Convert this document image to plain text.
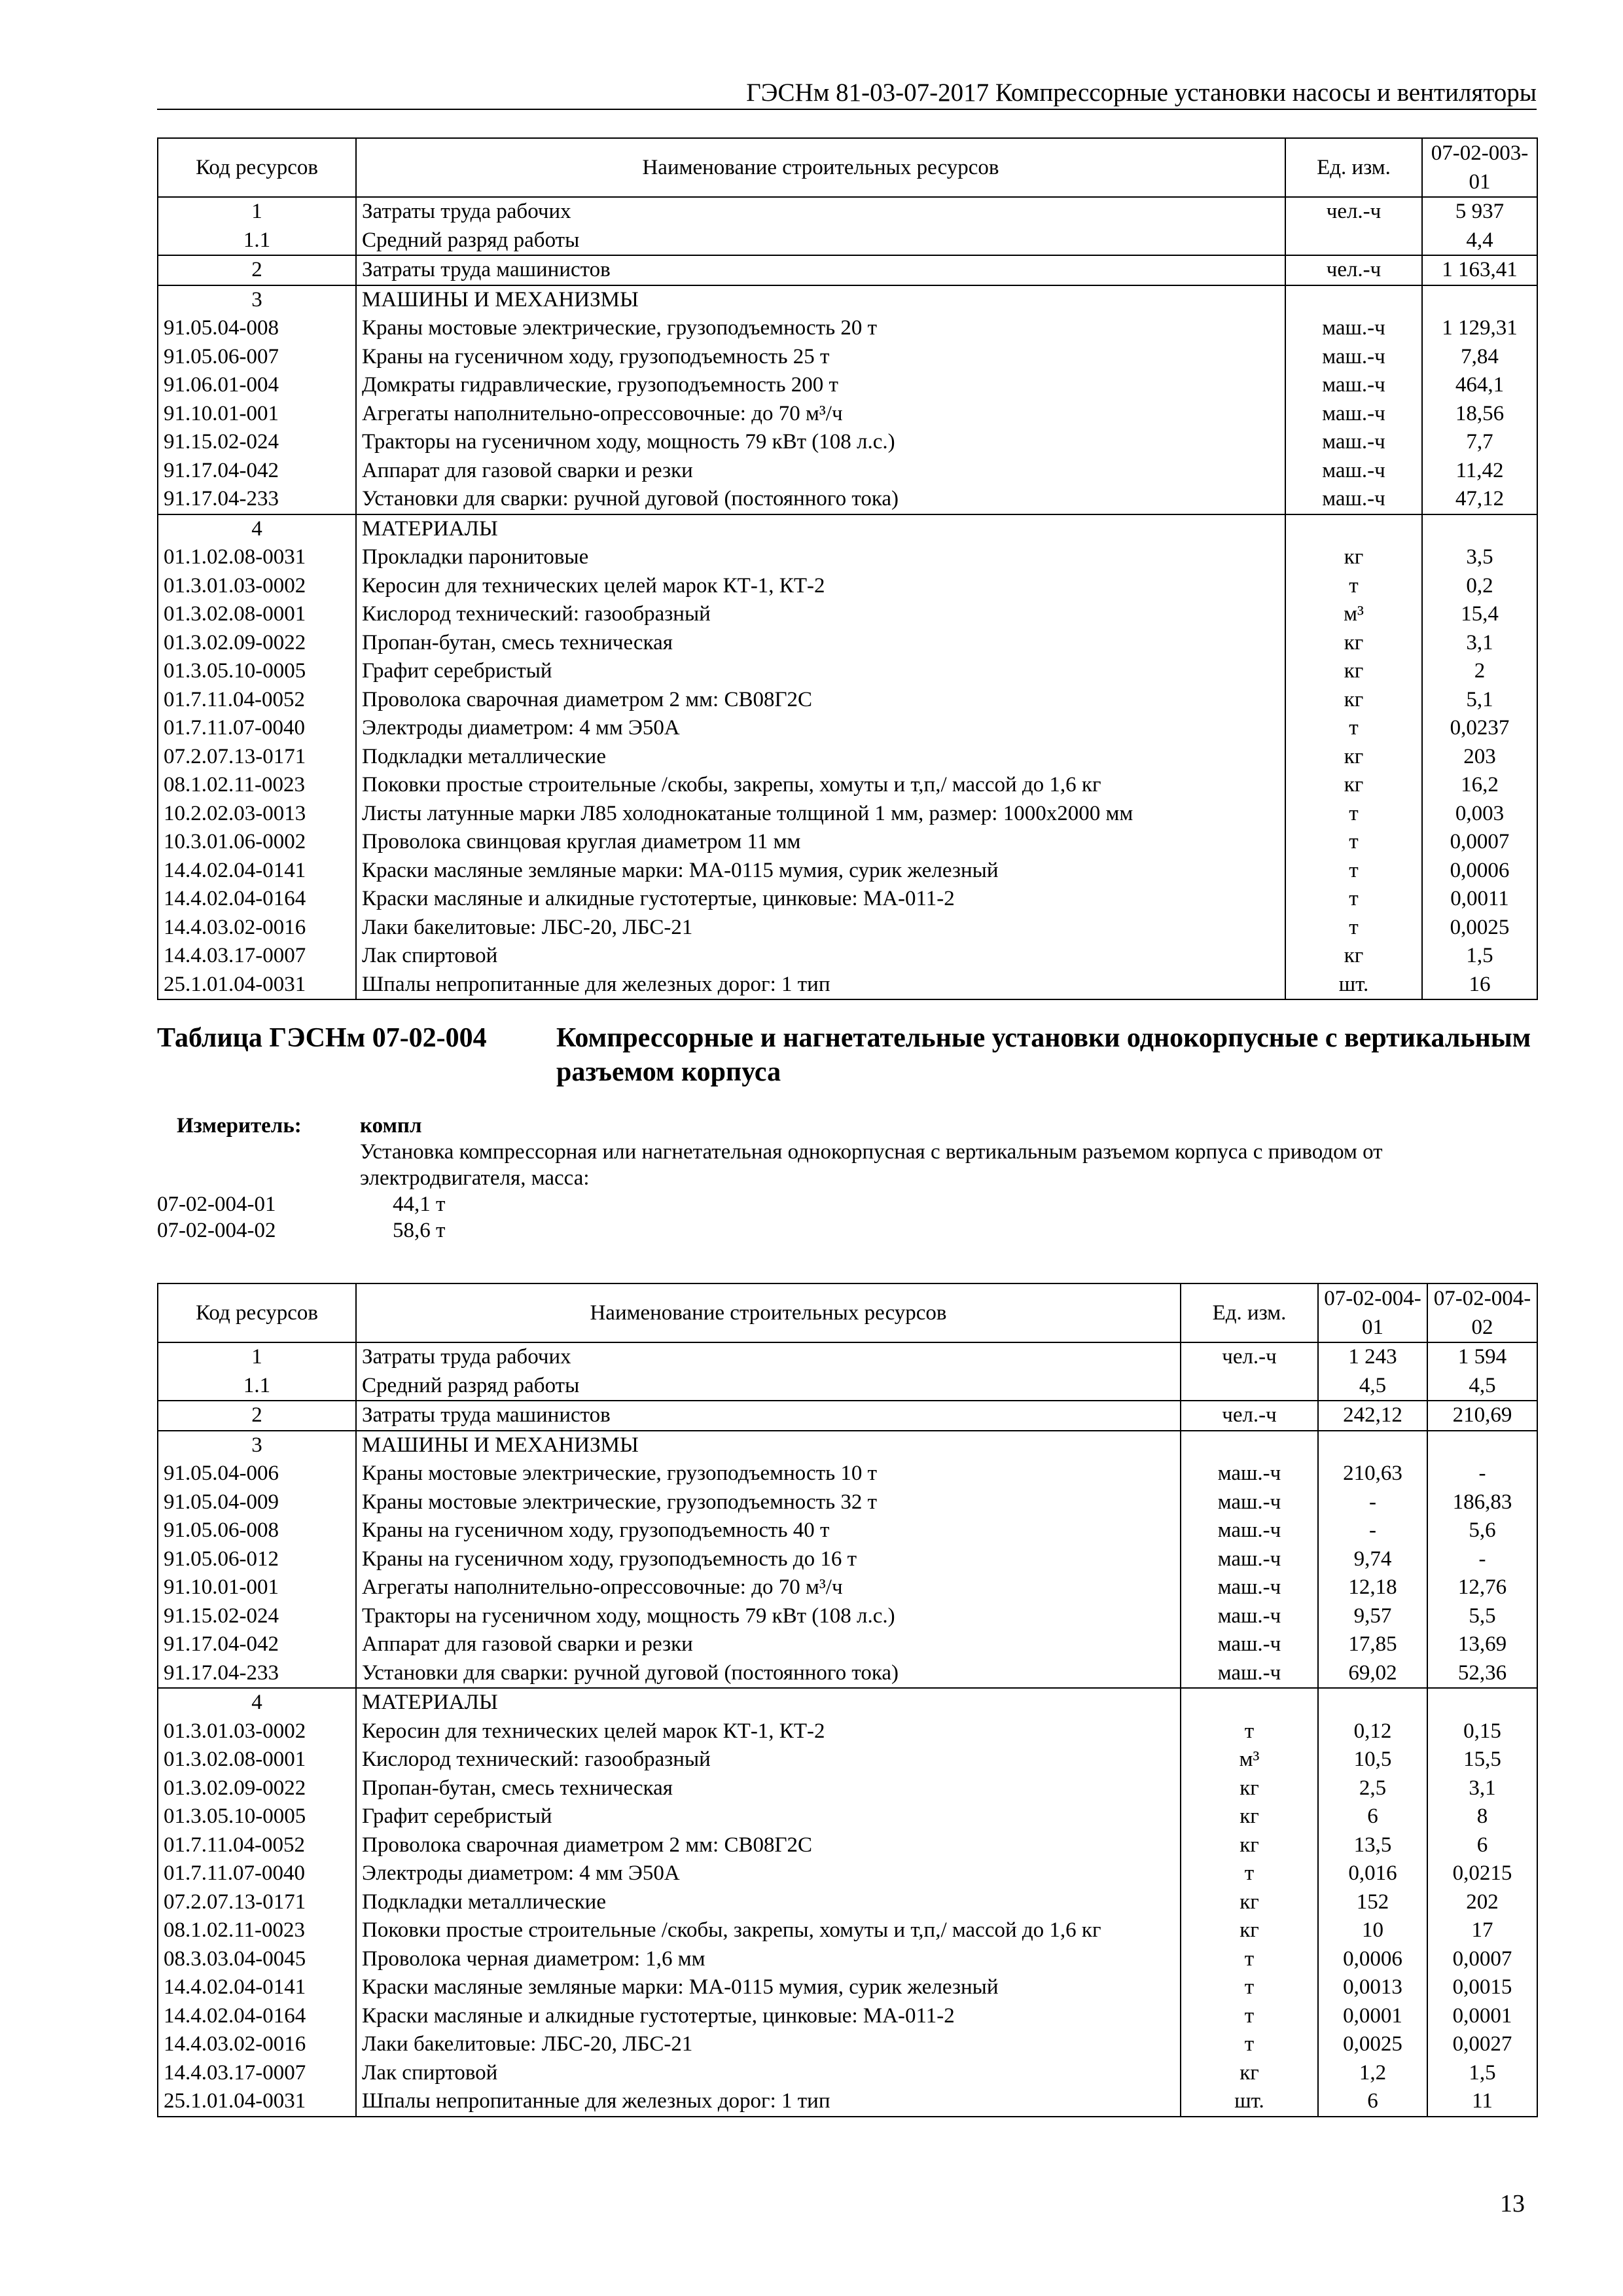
ГЭСНм 81-03-07-2017 Компрессорные установки насосы и вентиляторы
Код ресурсов	Наименование строительных ресурсов	Ед. изм.	07-02-003-01
1	Затраты труда рабочих	чел.-ч	5 937
1.1	Средний разряд работы		4,4
2	Затраты труда машинистов	чел.-ч	1 163,41
3	МАШИНЫ И МЕХАНИЗМЫ		
91.05.04-008	Краны мостовые электрические, грузоподъемность 20 т	маш.-ч	1 129,31
91.05.06-007	Краны на гусеничном ходу, грузоподъемность 25 т	маш.-ч	7,84
91.06.01-004	Домкраты гидравлические, грузоподъемность 200 т	маш.-ч	464,1
91.10.01-001	Агрегаты наполнительно-опрессовочные: до 70 м³/ч	маш.-ч	18,56
91.15.02-024	Тракторы на гусеничном ходу, мощность 79 кВт (108 л.с.)	маш.-ч	7,7
91.17.04-042	Аппарат для газовой сварки и резки	маш.-ч	11,42
91.17.04-233	Установки для сварки: ручной дуговой (постоянного тока)	маш.-ч	47,12
4	МАТЕРИАЛЫ		
01.1.02.08-0031	Прокладки паронитовые	кг	3,5
01.3.01.03-0002	Керосин для технических целей марок КТ-1, КТ-2	т	0,2
01.3.02.08-0001	Кислород технический: газообразный	м³	15,4
01.3.02.09-0022	Пропан-бутан, смесь техническая	кг	3,1
01.3.05.10-0005	Графит серебристый	кг	2
01.7.11.04-0052	Проволока сварочная диаметром 2 мм: СВ08Г2С	кг	5,1
01.7.11.07-0040	Электроды диаметром: 4 мм Э50А	т	0,0237
07.2.07.13-0171	Подкладки металлические	кг	203
08.1.02.11-0023	Поковки простые строительные /скобы, закрепы, хомуты и т,п,/ массой до 1,6 кг	кг	16,2
10.2.02.03-0013	Листы латунные марки Л85 холоднокатаные толщиной 1 мм, размер: 1000х2000 мм	т	0,003
10.3.01.06-0002	Проволока свинцовая круглая диаметром 11 мм	т	0,0007
14.4.02.04-0141	Краски масляные земляные марки: МА-0115 мумия, сурик железный	т	0,0006
14.4.02.04-0164	Краски масляные и алкидные густотертые, цинковые: МА-011-2	т	0,0011
14.4.03.02-0016	Лаки бакелитовые: ЛБС-20, ЛБС-21	т	0,0025
14.4.03.17-0007	Лак спиртовой	кг	1,5
25.1.01.04-0031	Шпалы непропитанные для железных дорог: 1 тип	шт.	16
Таблица ГЭСНм 07-02-004	Компрессорные и нагнетательные установки однокорпусные с вертикальным разъемом корпуса
Измеритель:	компл
Установка компрессорная или нагнетательная однокорпусная с вертикальным разъемом корпуса с приводом от электродвигателя, масса:
07-02-004-01	44,1 т
07-02-004-02	58,6 т
Код ресурсов	Наименование строительных ресурсов	Ед. изм.	07-02-004-01	07-02-004-02
1	Затраты труда рабочих	чел.-ч	1 243	1 594
1.1	Средний разряд работы		4,5	4,5
2	Затраты труда машинистов	чел.-ч	242,12	210,69
3	МАШИНЫ И МЕХАНИЗМЫ			
91.05.04-006	Краны мостовые электрические, грузоподъемность 10 т	маш.-ч	210,63	-
91.05.04-009	Краны мостовые электрические, грузоподъемность 32 т	маш.-ч	-	186,83
91.05.06-008	Краны на гусеничном ходу, грузоподъемность 40 т	маш.-ч	-	5,6
91.05.06-012	Краны на гусеничном ходу, грузоподъемность до 16 т	маш.-ч	9,74	-
91.10.01-001	Агрегаты наполнительно-опрессовочные: до 70 м³/ч	маш.-ч	12,18	12,76
91.15.02-024	Тракторы на гусеничном ходу, мощность 79 кВт (108 л.с.)	маш.-ч	9,57	5,5
91.17.04-042	Аппарат для газовой сварки и резки	маш.-ч	17,85	13,69
91.17.04-233	Установки для сварки: ручной дуговой (постоянного тока)	маш.-ч	69,02	52,36
4	МАТЕРИАЛЫ			
01.3.01.03-0002	Керосин для технических целей марок КТ-1, КТ-2	т	0,12	0,15
01.3.02.08-0001	Кислород технический: газообразный	м³	10,5	15,5
01.3.02.09-0022	Пропан-бутан, смесь техническая	кг	2,5	3,1
01.3.05.10-0005	Графит серебристый	кг	6	8
01.7.11.04-0052	Проволока сварочная диаметром 2 мм: СВ08Г2С	кг	13,5	6
01.7.11.07-0040	Электроды диаметром: 4 мм Э50А	т	0,016	0,0215
07.2.07.13-0171	Подкладки металлические	кг	152	202
08.1.02.11-0023	Поковки простые строительные /скобы, закрепы, хомуты и т,п,/ массой до 1,6 кг	кг	10	17
08.3.03.04-0045	Проволока черная диаметром: 1,6 мм	т	0,0006	0,0007
14.4.02.04-0141	Краски масляные земляные марки: МА-0115 мумия, сурик железный	т	0,0013	0,0015
14.4.02.04-0164	Краски масляные и алкидные густотертые, цинковые: МА-011-2	т	0,0001	0,0001
14.4.03.02-0016	Лаки бакелитовые: ЛБС-20, ЛБС-21	т	0,0025	0,0027
14.4.03.17-0007	Лак спиртовой	кг	1,2	1,5
25.1.01.04-0031	Шпалы непропитанные для железных дорог: 1 тип	шт.	6	11
13
